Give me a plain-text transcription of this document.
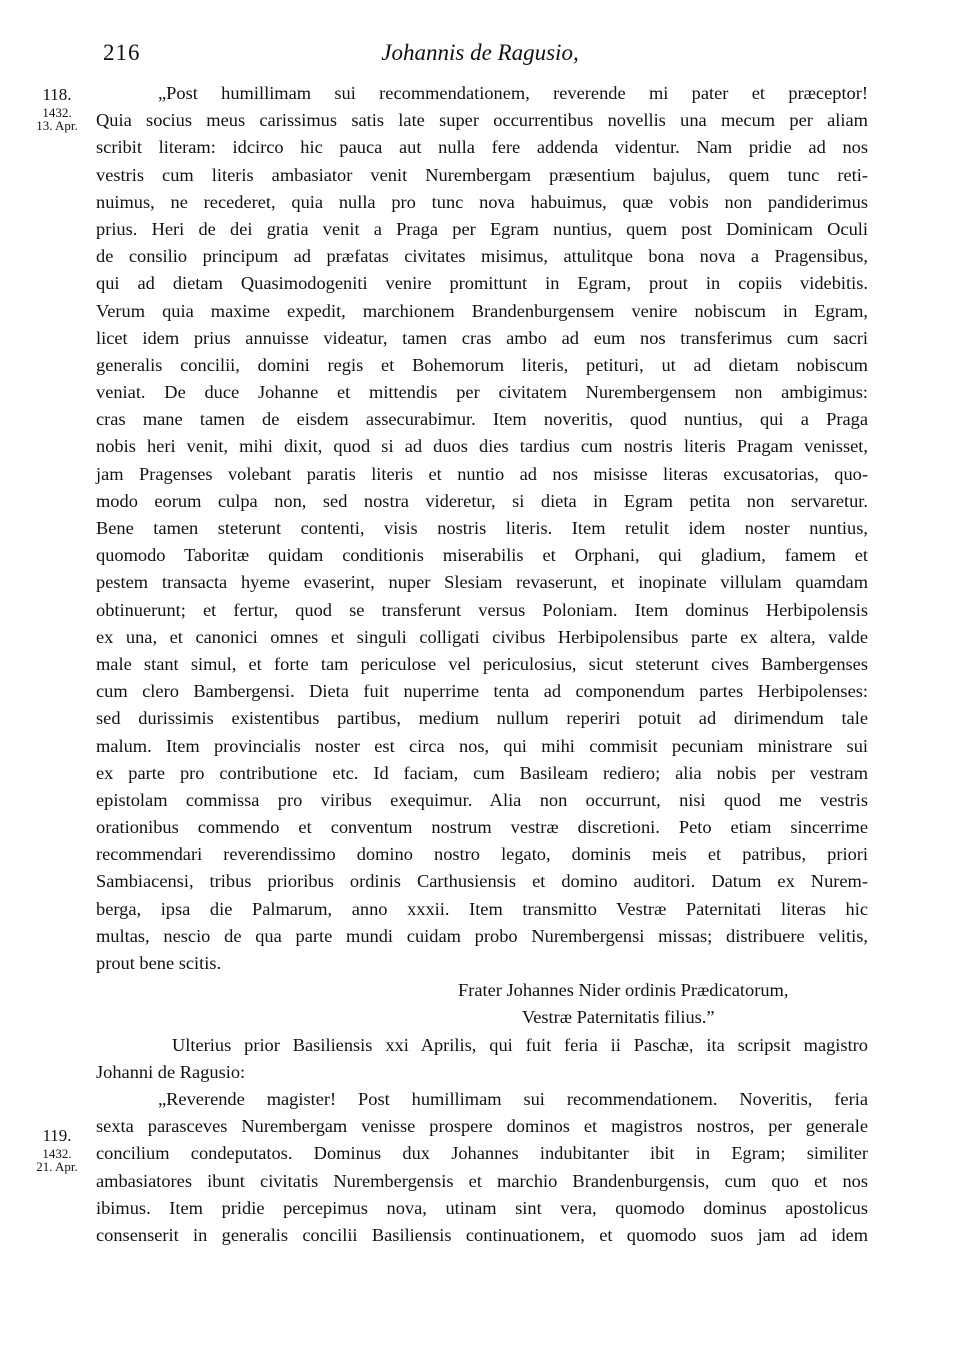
216	Johannis de Ragusio,
118.
1432.
13. Apr.
119.
1432.
21. Apr.
„Post humillimam sui recommendationem, reverende mi pater et præceptor!
Quia socius meus carissimus satis late super occurrentibus novellis una mecum per aliam
scribit literam: idcirco hic pauca aut nulla fere addenda videntur. Nam pridie ad nos
vestris cum literis ambasiator venit Nurembergam præsentium bajulus, quem tunc reti-
nuimus, ne recederet, quia nulla pro tunc nova habuimus, quæ vobis non pandiderimus
prius. Heri de dei gratia venit a Praga per Egram nuntius, quem post Dominicam Oculi
de consilio principum ad præfatas civitates misimus, attulitque bona nova a Pragensibus,
qui ad dietam Quasimodogeniti venire promittunt in Egram, prout in copiis videbitis.
Verum quia maxime expedit, marchionem Brandenburgensem venire nobiscum in Egram,
licet idem prius annuisse videatur, tamen cras ambo ad eum nos transferimus cum sacri
generalis concilii, domini regis et Bohemorum literis, petituri, ut ad dietam nobiscum
veniat. De duce Johanne et mittendis per civitatem Nurembergensem non ambigimus:
cras mane tamen de eisdem assecurabimur. Item noveritis, quod nuntius, qui a Praga
nobis heri venit, mihi dixit, quod si ad duos dies tardius cum nostris literis Pragam venisset,
jam Pragenses volebant paratis literis et nuntio ad nos misisse literas excusatorias, quo-
modo eorum culpa non, sed nostra videretur, si dieta in Egram petita non servaretur.
Bene tamen steterunt contenti, visis nostris literis. Item retulit idem noster nuntius,
quomodo Taboritæ quidam conditionis miserabilis et Orphani, qui gladium, famem et
pestem transacta hyeme evaserint, nuper Slesiam revaserunt, et inopinate villulam quamdam
obtinuerunt; et fertur, quod se transferunt versus Poloniam. Item dominus Herbipolensis
ex una, et canonici omnes et singuli colligati civibus Herbipolensibus parte ex altera, valde
male stant simul, et forte tam periculose vel periculosius, sicut steterunt cives Bambergenses
cum clero Bambergensi. Dieta fuit nuperrime tenta ad componendum partes Herbipolenses:
sed durissimis existentibus partibus, medium nullum reperiri potuit ad dirimendum tale
malum. Item provincialis noster est circa nos, qui mihi commisit pecuniam ministrare sui
ex parte pro contributione etc. Id faciam, cum Basileam rediero; alia nobis per vestram
epistolam commissa pro viribus exequimur. Alia non occurrunt, nisi quod me vestris
orationibus commendo et conventum nostrum vestræ discretioni. Peto etiam sincerrime
recommendari reverendissimo domino nostro legato, dominis meis et patribus, priori
Sambiacensi, tribus prioribus ordinis Carthusiensis et domino auditori. Datum ex Nurem-
berga, ipsa die Palmarum, anno xxxii. Item transmitto Vestræ Paternitati literas hic
multas, nescio de qua parte mundi cuidam probo Nurembergensi missas; distribuere velitis,
prout bene scitis.
Frater Johannes Nider ordinis Prædicatorum,
Vestræ Paternitatis filius.”
Ulterius prior Basiliensis xxi Aprilis, qui fuit feria ii Paschæ, ita scripsit magistro
Johanni de Ragusio:
„Reverende magister! Post humillimam sui recommendationem. Noveritis, feria
sexta parasceves Nurembergam venisse prospere dominos et magistros nostros, per generale
concilium condeputatos. Dominus dux Johannes indubitanter ibit in Egram; similiter
ambasiatores ibunt civitatis Nurembergensis et marchio Brandenburgensis, cum quo et nos
ibimus. Item pridie percepimus nova, utinam sint vera, quomodo dominus apostolicus
consenserit in generalis concilii Basiliensis continuationem, et quomodo suos jam ad idem
